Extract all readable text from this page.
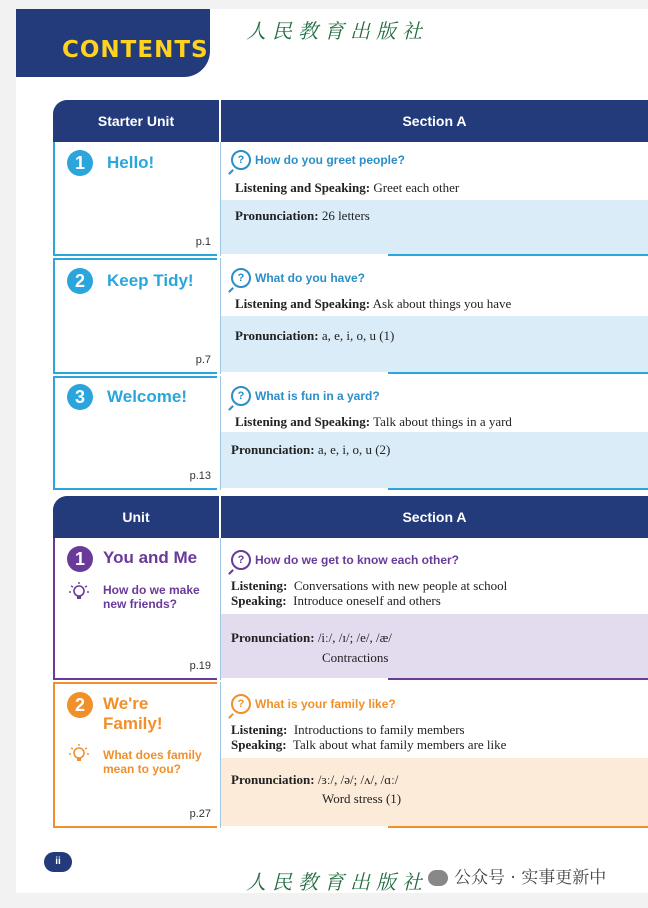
CONTENTS
人民教育出版社
Starter Unit	Section A
1	Hello!
p.1
? How do you greet people?
Listening and Speaking: Greet each other
Pronunciation: 26 letters
2	Keep Tidy!
p.7
? What do you have?
Listening and Speaking: Ask about things you have
Pronunciation: a, e, i, o, u (1)
3	Welcome!
p.13
? What is fun in a yard?
Listening and Speaking: Talk about things in a yard
Pronunciation: a, e, i, o, u (2)
Unit	Section A
1	You and Me
How do we make new friends?
p.19
? How do we get to know each other?
Listening: Conversations with new people at school
Speaking: Introduce oneself and others
Pronunciation: /iː/, /ɪ/; /e/, /æ/
Contractions
2	We're Family!
What does family mean to you?
p.27
? What is your family like?
Listening: Introductions to family members
Speaking: Talk about what family members are like
Pronunciation: /ɜː/, /ə/; /ʌ/, /ɑː/
Word stress (1)
ii
人民教育出版社	公众号 · 实事更新中
